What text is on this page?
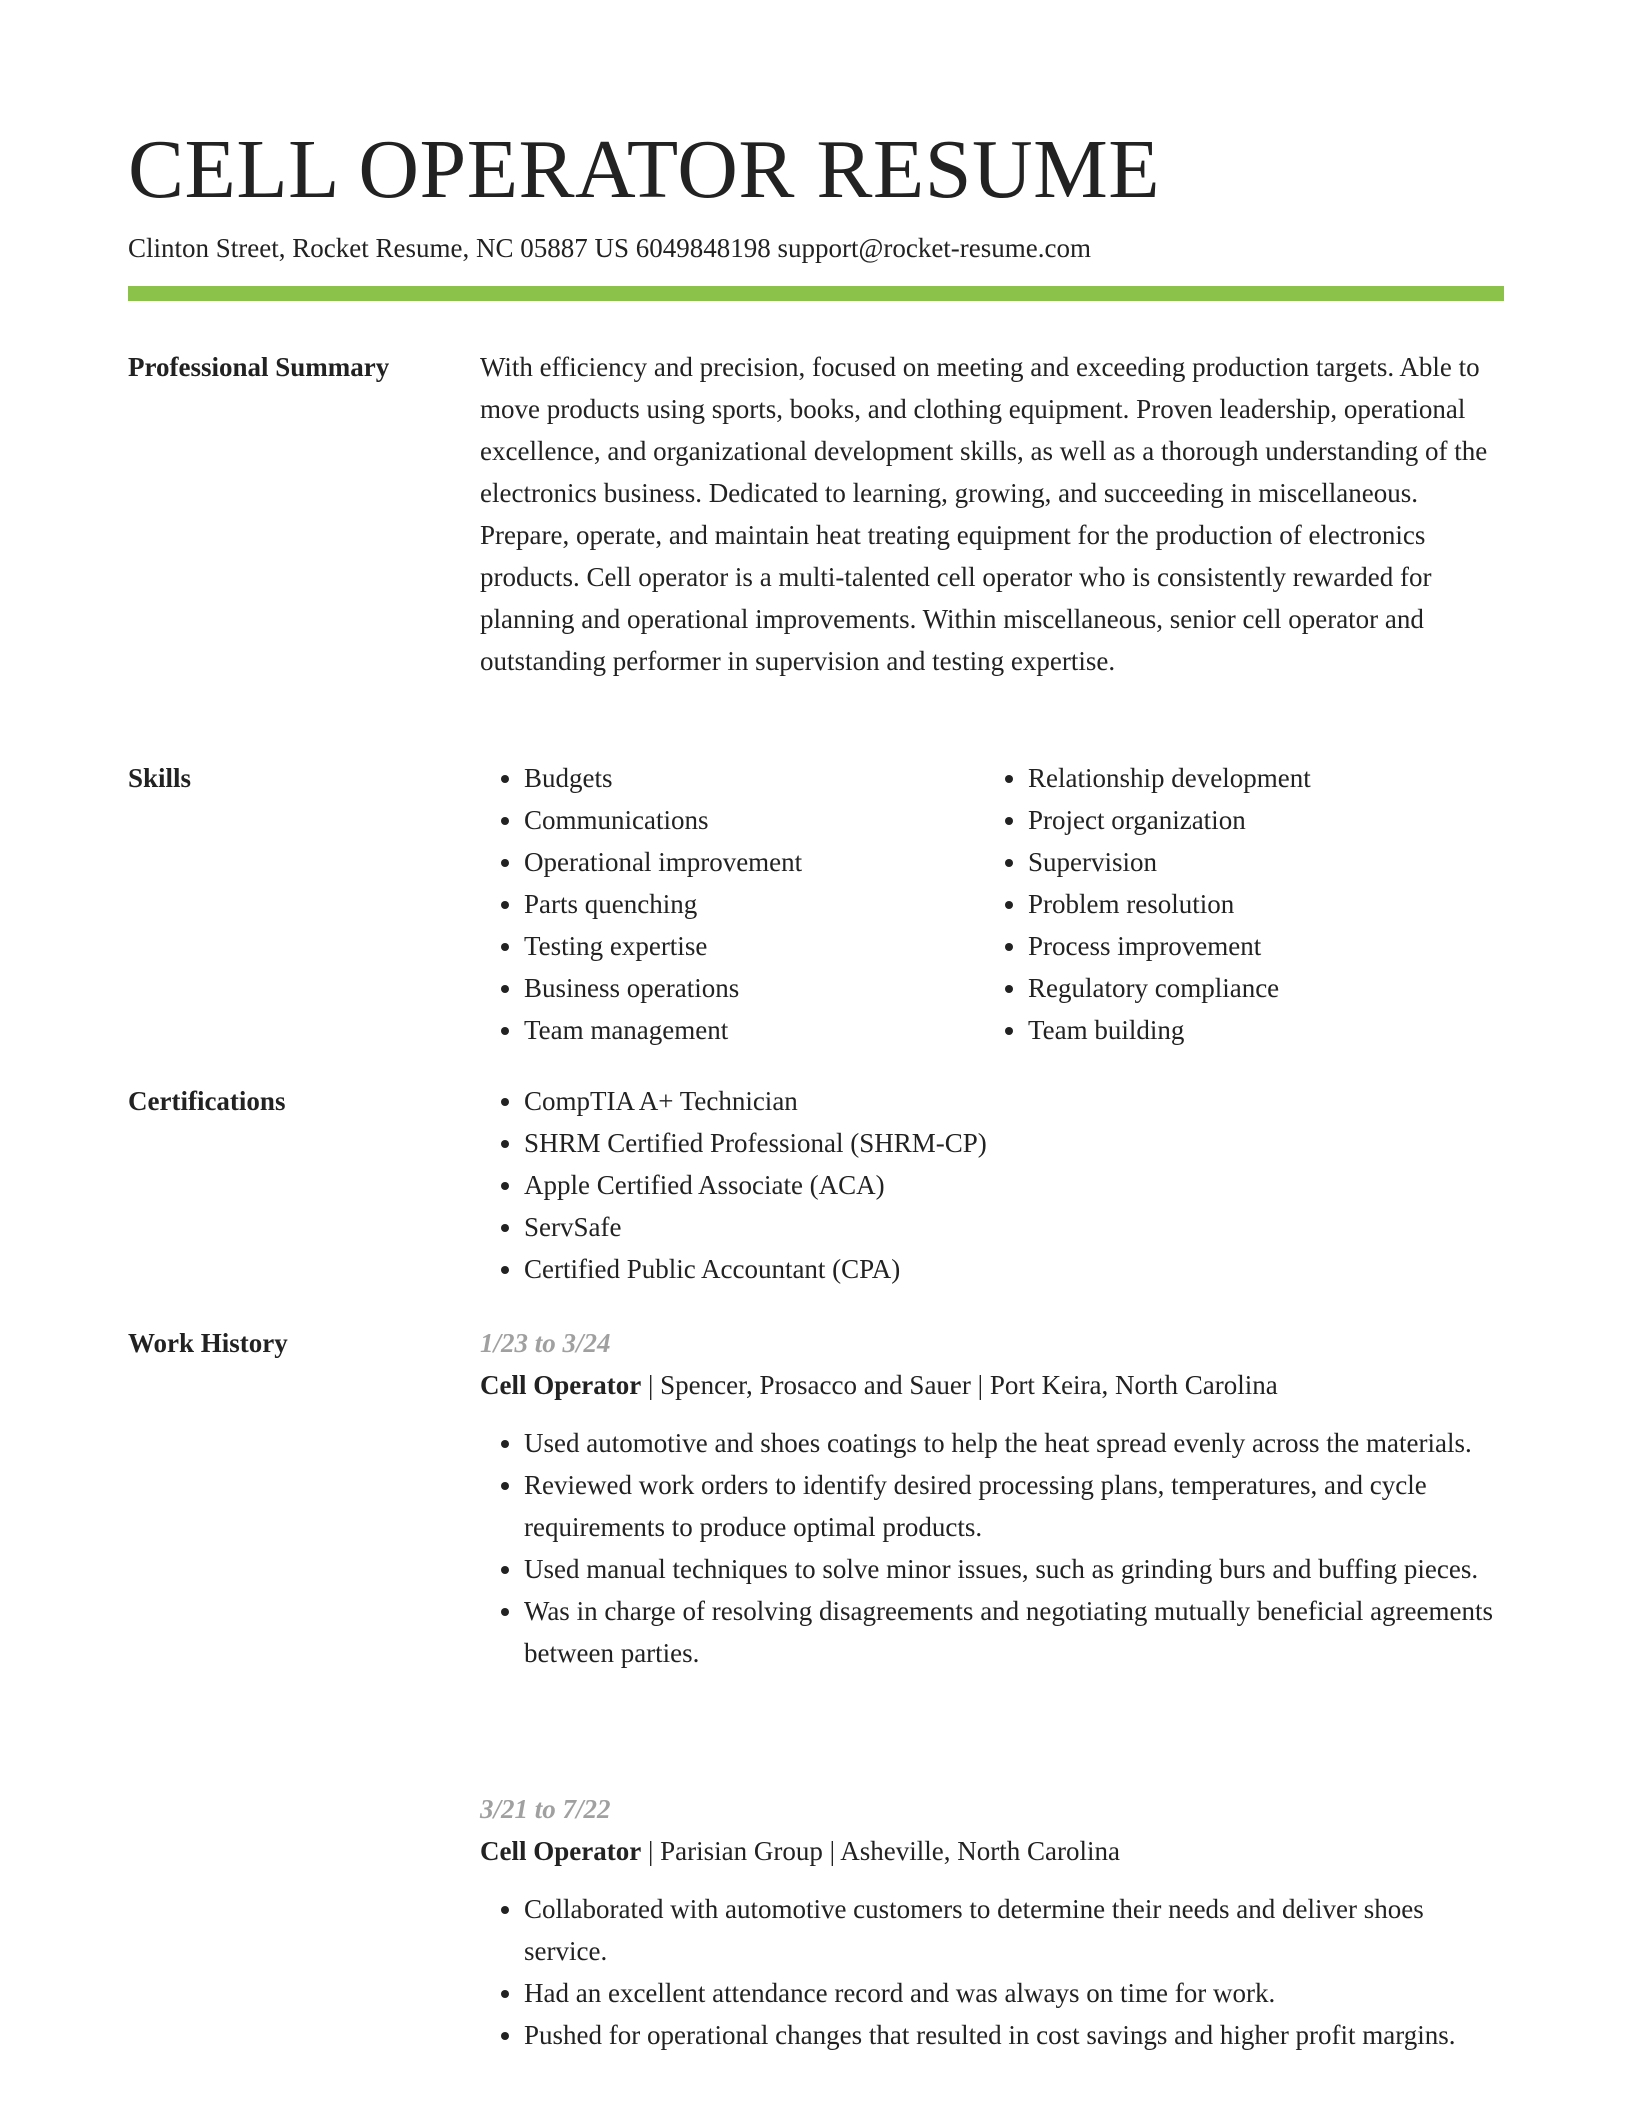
CELL OPERATOR RESUME
Clinton Street, Rocket Resume, NC 05887 US 6049848198 support@rocket-resume.com
Professional Summary	With efficiency and precision, focused on meeting and exceeding production targets. Able to move products using sports, books, and clothing equipment. Proven leadership, operational excellence, and organizational development skills, as well as a thorough understanding of the electronics business. Dedicated to learning, growing, and succeeding in miscellaneous. Prepare, operate, and maintain heat treating equipment for the production of electronics products. Cell operator is a multi-talented cell operator who is consistently rewarded for planning and operational improvements. Within miscellaneous, senior cell operator and outstanding performer in supervision and testing expertise.

Skills	• Budgets
• Communications
• Operational improvement
• Parts quenching
• Testing expertise
• Business operations
• Team management
• Relationship development
• Project organization
• Supervision
• Problem resolution
• Process improvement
• Regulatory compliance
• Team building
Certifications	• CompTIA A+ Technician
• SHRM Certified Professional (SHRM-CP)
• Apple Certified Associate (ACA)
• ServSafe
• Certified Public Accountant (CPA)
Work History	1/23 to 3/24
Cell Operator | Spencer, Prosacco and Sauer | Port Keira, North Carolina
• Used automotive and shoes coatings to help the heat spread evenly across the materials.
• Reviewed work orders to identify desired processing plans, temperatures, and cycle requirements to produce optimal products.
• Used manual techniques to solve minor issues, such as grinding burs and buffing pieces.
• Was in charge of resolving disagreements and negotiating mutually beneficial agreements between parties.
3/21 to 7/22
Cell Operator | Parisian Group | Asheville, North Carolina
• Collaborated with automotive customers to determine their needs and deliver shoes service.
• Had an excellent attendance record and was always on time for work.
• Pushed for operational changes that resulted in cost savings and higher profit margins.
